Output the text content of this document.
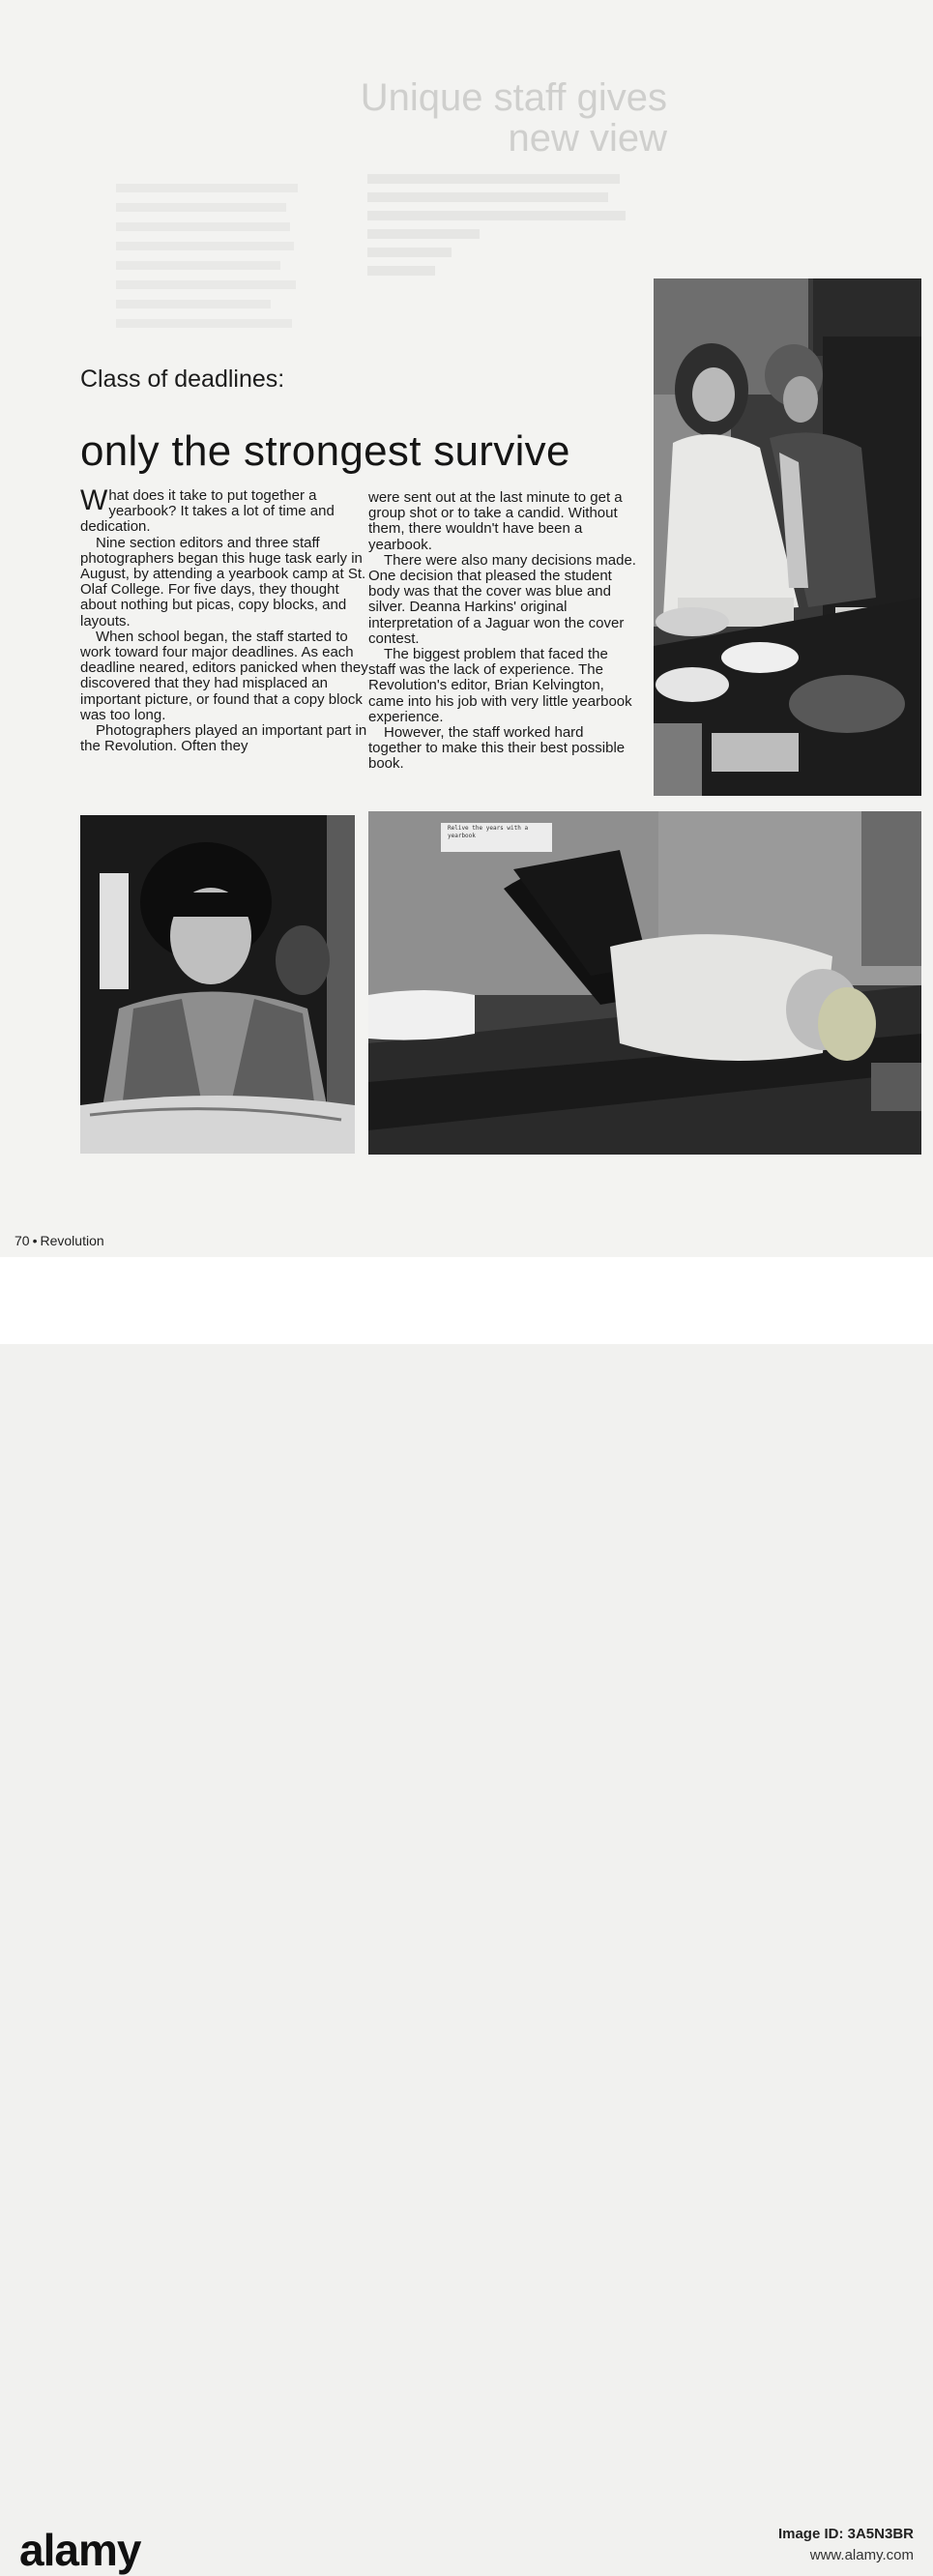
Unique staff gives new view
Class of deadlines:
only the strongest survive

What does it take to put together a yearbook? It takes a lot of time and dedication.

Nine section editors and three staff photographers began this huge task early in August, by attending a yearbook camp at St. Olaf College. For five days, they thought about nothing but picas, copy blocks, and layouts.

When school began, the staff started to work toward four major deadlines. As each deadline neared, editors panicked when they discovered that they had misplaced an important picture, or found that a copy block was too long.

Photographers played an important part in the Revolution. Often they

were sent out at the last minute to get a group shot or to take a candid. Without them, there wouldn't have been a yearbook.

There were also many decisions made. One decision that pleased the student body was that the cover was blue and silver. Deanna Harkins' original interpretation of a Jaguar won the cover contest.

The biggest problem that faced the staff was the lack of experience. The Revolution's editor, Brian Kelvington, came into his job with very little yearbook experience.

However, the staff worked hard together to make this their best possible book.

Relive the years with a yearbook
70 • Revolution
alamy	Image ID: 3A5N3BR
www.alamy.com
